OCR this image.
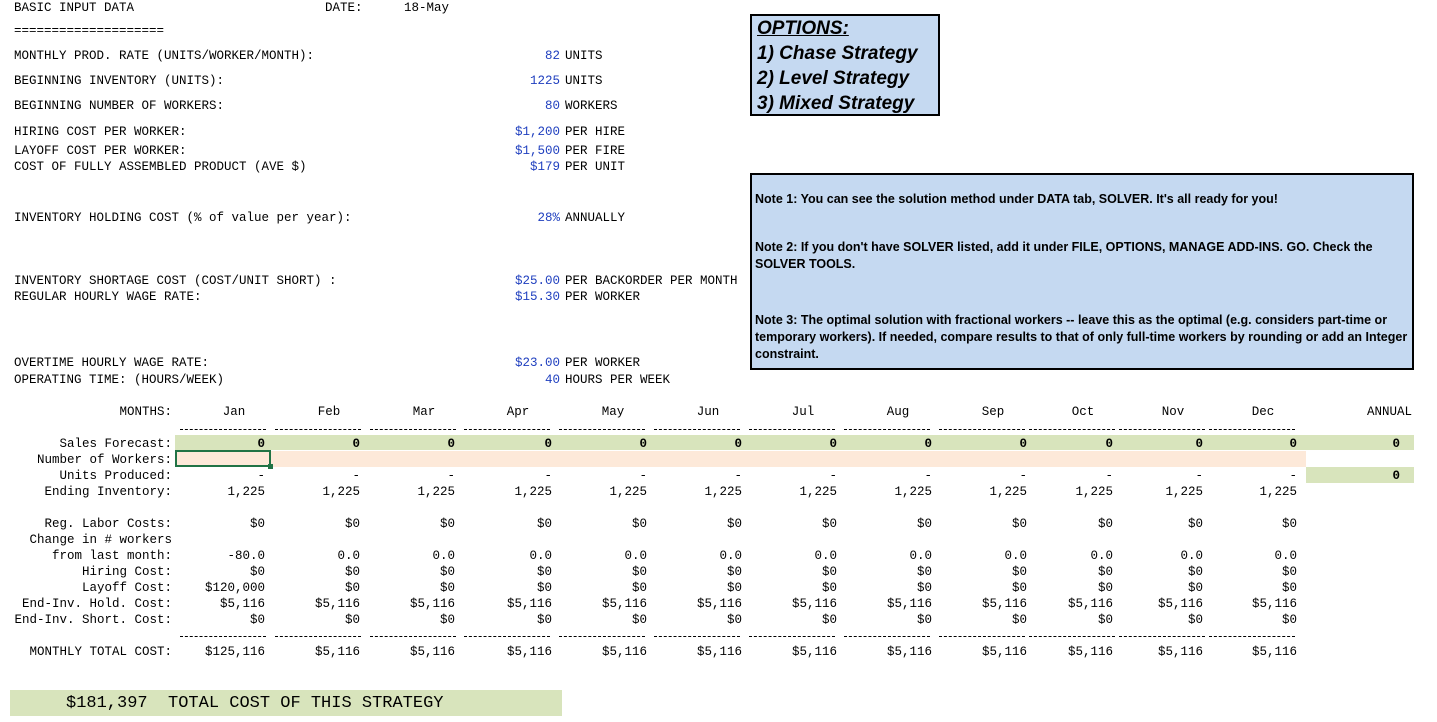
BASIC INPUT DATA	DATE:	18-May
====================
MONTHLY PROD. RATE (UNITS/WORKER/MONTH):	82 UNITS
BEGINNING INVENTORY (UNITS):	1225 UNITS
BEGINNING NUMBER OF WORKERS:	80 WORKERS
HIRING COST PER WORKER:	$1,200 PER HIRE
LAYOFF COST PER WORKER:	$1,500 PER FIRE
COST OF FULLY ASSEMBLED PRODUCT (AVE $)	$179 PER UNIT
INVENTORY HOLDING COST (% of value per year):	28% ANNUALLY
INVENTORY SHORTAGE COST (COST/UNIT SHORT) :	$25.00 PER BACKORDER PER MONTH
REGULAR HOURLY WAGE RATE:	$15.30 PER WORKER
OVERTIME HOURLY WAGE RATE:	$23.00 PER WORKER
OPERATING TIME: (HOURS/WEEK)	40 HOURS PER WEEK
OPTIONS:
1) Chase Strategy
2) Level Strategy
3) Mixed Strategy
Note 1: You can see the solution method under DATA tab, SOLVER. It's all ready for you!
Note 2: If you don't have SOLVER listed, add it under FILE, OPTIONS, MANAGE ADD-INS. GO. Check the SOLVER TOOLS.
Note 3: The optimal solution with fractional workers -- leave this as the optimal (e.g. considers part-time or temporary workers). If needed, compare results to that of only full-time workers by rounding or add an Integer constraint.
MONTHS:	Jan	Feb	Mar	Apr	May	Jun	Jul	Aug	Sep	Oct	Nov	Dec	ANNUAL
Sales Forecast:	0	0	0	0	0	0	0	0	0	0	0	0	0
Number of Workers:
Units Produced:	-	-	-	-	-	-	-	-	-	-	-	-	0
Ending Inventory:	1,225	1,225	1,225	1,225	1,225	1,225	1,225	1,225	1,225	1,225	1,225	1,225
Reg. Labor Costs:	$0	$0	$0	$0	$0	$0	$0	$0	$0	$0	$0	$0
Change in # workers
from last month:	-80.0	0.0	0.0	0.0	0.0	0.0	0.0	0.0	0.0	0.0	0.0	0.0
Hiring Cost:	$0	$0	$0	$0	$0	$0	$0	$0	$0	$0	$0	$0
Layoff Cost:	$120,000	$0	$0	$0	$0	$0	$0	$0	$0	$0	$0	$0
End-Inv. Hold. Cost:	$5,116	$5,116	$5,116	$5,116	$5,116	$5,116	$5,116	$5,116	$5,116	$5,116	$5,116	$5,116
End-Inv. Short. Cost:	$0	$0	$0	$0	$0	$0	$0	$0	$0	$0	$0	$0
MONTHLY TOTAL COST:	$125,116	$5,116	$5,116	$5,116	$5,116	$5,116	$5,116	$5,116	$5,116	$5,116	$5,116	$5,116
$181,397 TOTAL COST OF THIS STRATEGY
